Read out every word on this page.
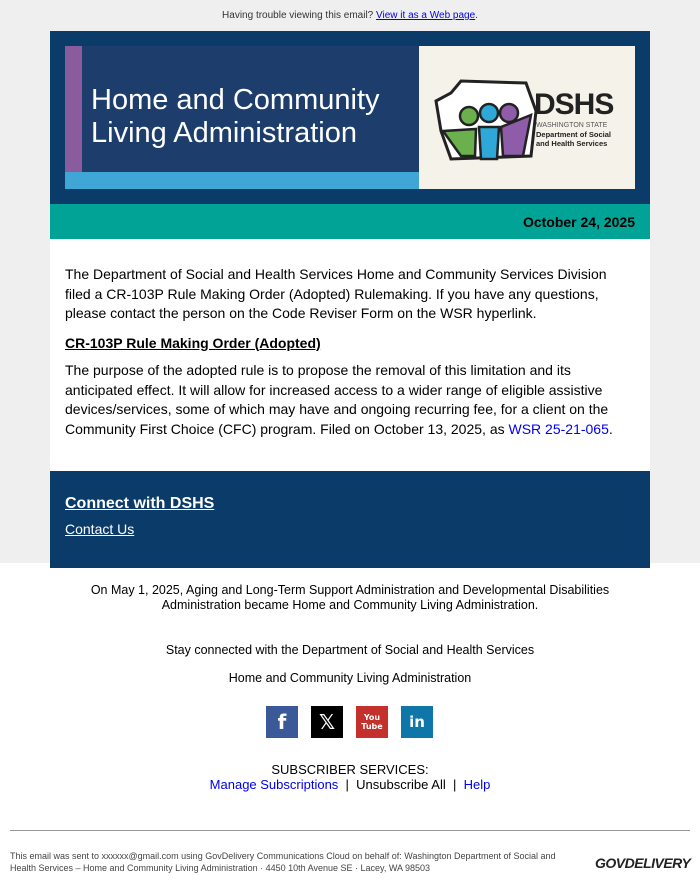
Having trouble viewing this email? View it as a Web page.
Home and Community
Living Administration
DSHS
WASHINGTON STATE
Department of Social
and Health Services
October 24, 2025

The Department of Social and Health Services Home and Community Services Division filed a CR-103P Rule Making Order (Adopted) Rulemaking. If you have any questions, please contact the person on the Code Reviser Form on the WSR hyperlink.

CR-103P Rule Making Order (Adopted)

The purpose of the adopted rule is to propose the removal of this limitation and its anticipated effect. It will allow for increased access to a wider range of eligible assistive devices/services, some of which may have and ongoing recurring fee, for a client on the Community First Choice (CFC) program. Filed on October 13, 2025, as WSR 25-21-065.

Connect with DSHS
Contact Us
On May 1, 2025, Aging and Long-Term Support Administration and Developmental Disabilities Administration became Home and Community Living Administration.
Stay connected with the Department of Social and Health Services
Home and Community Living Administration
f	𝕏	You Tube	in
SUBSCRIBER SERVICES:
Manage Subscriptions  |  Unsubscribe All  |  Help
This email was sent to xxxxxx@gmail.com using GovDelivery Communications Cloud on behalf of: Washington Department of Social and Health Services – Home and Community Living Administration · 4450 10th Avenue SE · Lacey, WA 98503	GOVDELIVERY
